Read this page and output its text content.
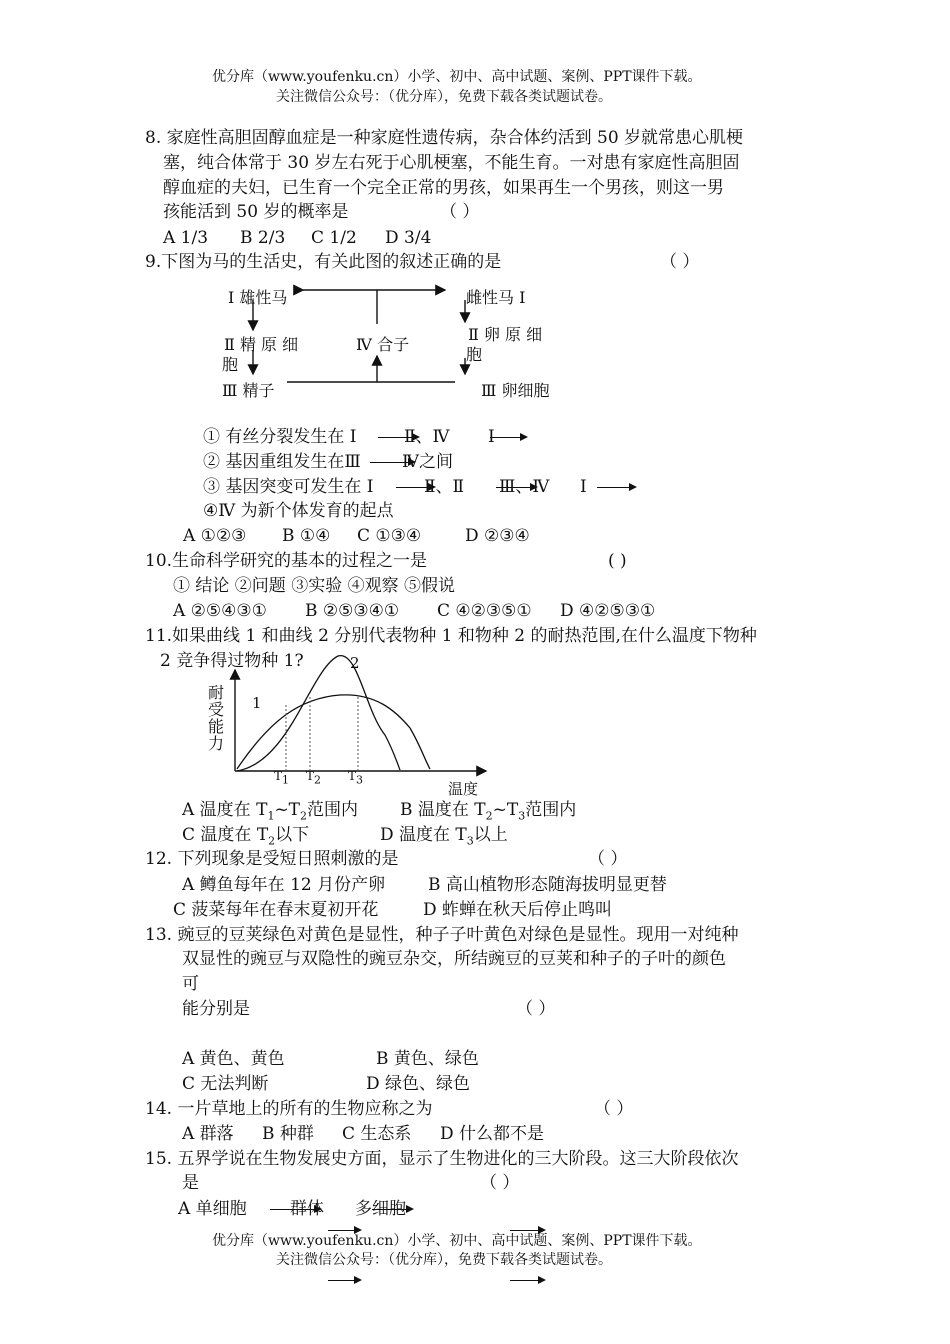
优分库（www.youfenku.cn）小学、初中、高中试题、案例、PPT课件下载。
关注微信公众号：（优分库），免费下载各类试题试卷。
8. 家庭性高胆固醇血症是一种家庭性遗传病，杂合体约活到 50 岁就常患心肌梗
塞，纯合体常于 30 岁左右死于心肌梗塞，不能生育。一对患有家庭性高胆固
醇血症的夫妇，已生育一个完全正常的男孩，如果再生一个男孩，则这一男
孩能活到 50 岁的概率是	（ ）
A 1/3 B 2/3 C 1/2 D 3/4
9.下图为马的生活史，有关此图的叙述正确的是	（ ）
Ⅰ 雄性马	雌性马 Ⅰ
Ⅱ 精 原 细
胞
Ⅳ 合子
Ⅱ 卵 原 细
胞
Ⅲ 精子	Ⅲ 卵细胞
① 有丝分裂发生在 Ⅰ	Ⅱ、Ⅳ Ⅰ
② 基因重组发生在Ⅲ Ⅳ之间
③ 基因突变可发生在 Ⅰ	Ⅱ、Ⅱ Ⅲ、Ⅳ Ⅰ
④Ⅳ 为新个体发育的起点
A ①②③ B ①④ C ①③④	D ②③④
10.生命科学研究的基本的过程之一是	( )
① 结论 ②问题 ③实验 ④观察 ⑤假说
A ②⑤④③① B ②⑤③④① C ④②③⑤① D ④②⑤③①
11.如果曲线 1 和曲线 2 分别代表物种 1 和物种 2 的耐热范围,在什么温度下物种
2 竞争得过物种 1?	2
1
耐
受
能
力
$T_1$ $T_2$ $T_3$
温度
A 温度在 $T_1\sim T_2$范围内 B 温度在 $T_2\sim T_3$范围内
C 温度在 $T_2$以下	D 温度在 $T_3$以上
12. 下列现象是受短日照刺激的是	（ ）
A 鳟鱼每年在 12 月份产卵	B 高山植物形态随海拔明显更替
C 菠菜每年在春末夏初开花	D 蚱蝉在秋天后停止鸣叫
13. 豌豆的豆荚绿色对黄色是显性，种子子叶黄色对绿色是显性。现用一对纯种
双显性的豌豆与双隐性的豌豆杂交，所结豌豆的豆荚和种子的子叶的颜色
可
能分别是	（ ）
A 黄色、黄色	B 黄色、绿色
C 无法判断	D 绿色、绿色
14. 一片草地上的所有的生物应称之为	（ ）
A 群落 B 种群 C 生态系 D 什么都不是
15. 五界学说在生物发展史方面，显示了生物进化的三大阶段。这三大阶段依次
是	（ ）
A 单细胞	群体 多细胞
优分库（www.youfenku.cn）小学、初中、高中试题、案例、PPT课件下载。
关注微信公众号：（优分库），免费下载各类试题试卷。
